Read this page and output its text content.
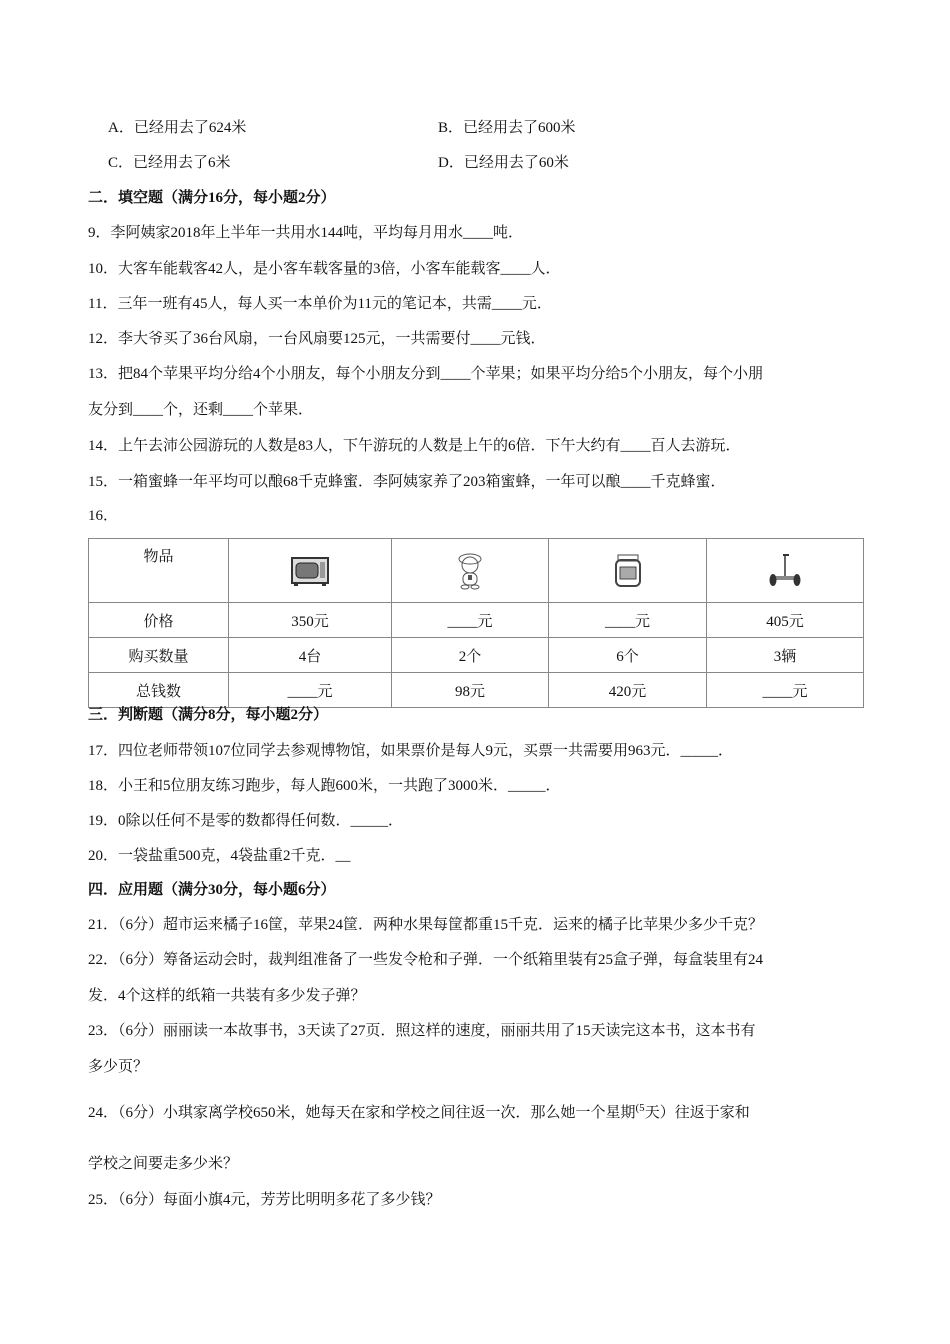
A．已经用去了624米	B．已经用去了600米
C．已经用去了6米	D．已经用去了60米
二．填空题（满分16分，每小题2分）
9．李阿姨家2018年上半年一共用水144吨，平均每月用水____吨．
10．大客车能载客42人，是小客车载客量的3倍，小客车能载客____人．
11．三年一班有45人，每人买一本单价为11元的笔记本，共需____元．
12．李大爷买了36台风扇，一台风扇要125元，一共需要付____元钱．
13．把84个苹果平均分给4个小朋友，每个小朋友分到____个苹果；如果平均分给5个小朋友，每个小朋
友分到____个，还剩____个苹果．
14．上午去沛公园游玩的人数是83人，下午游玩的人数是上午的6倍．下午大约有____百人去游玩．
15．一箱蜜蜂一年平均可以酿68千克蜂蜜．李阿姨家养了203箱蜜蜂，一年可以酿____千克蜂蜜．
16．
物品				
价格	350元	____元	____元	405元
购买数量	4台	2个	6个	3辆
总钱数	____元	98元	420元	____元
三．判断题（满分8分，每小题2分）
17．四位老师带领107位同学去参观博物馆，如果票价是每人9元，买票一共需要用963元．_____．
18．小王和5位朋友练习跑步，每人跑600米，一共跑了3000米．_____．
19．0除以任何不是零的数都得任何数．_____．
20．一袋盐重500克，4袋盐重2千克．__
四．应用题（满分30分，每小题6分）
21．（6分）超市运来橘子16筐，苹果24筐．两种水果每筐都重15千克．运来的橘子比苹果少多少千克？
22．（6分）筹备运动会时，裁判组准备了一些发令枪和子弹．一个纸箱里装有25盒子弹，每盒装里有24
发．4个这样的纸箱一共装有多少发子弹？
23．（6分）丽丽读一本故事书，3天读了27页．照这样的速度，丽丽共用了15天读完这本书，这本书有
多少页？
24．（6分）小琪家离学校650米，她每天在家和学校之间往返一次．那么她一个星期$^{(5}$天）往返于家和
学校之间要走多少米？
25．（6分）每面小旗4元，芳芳比明明多花了多少钱？
